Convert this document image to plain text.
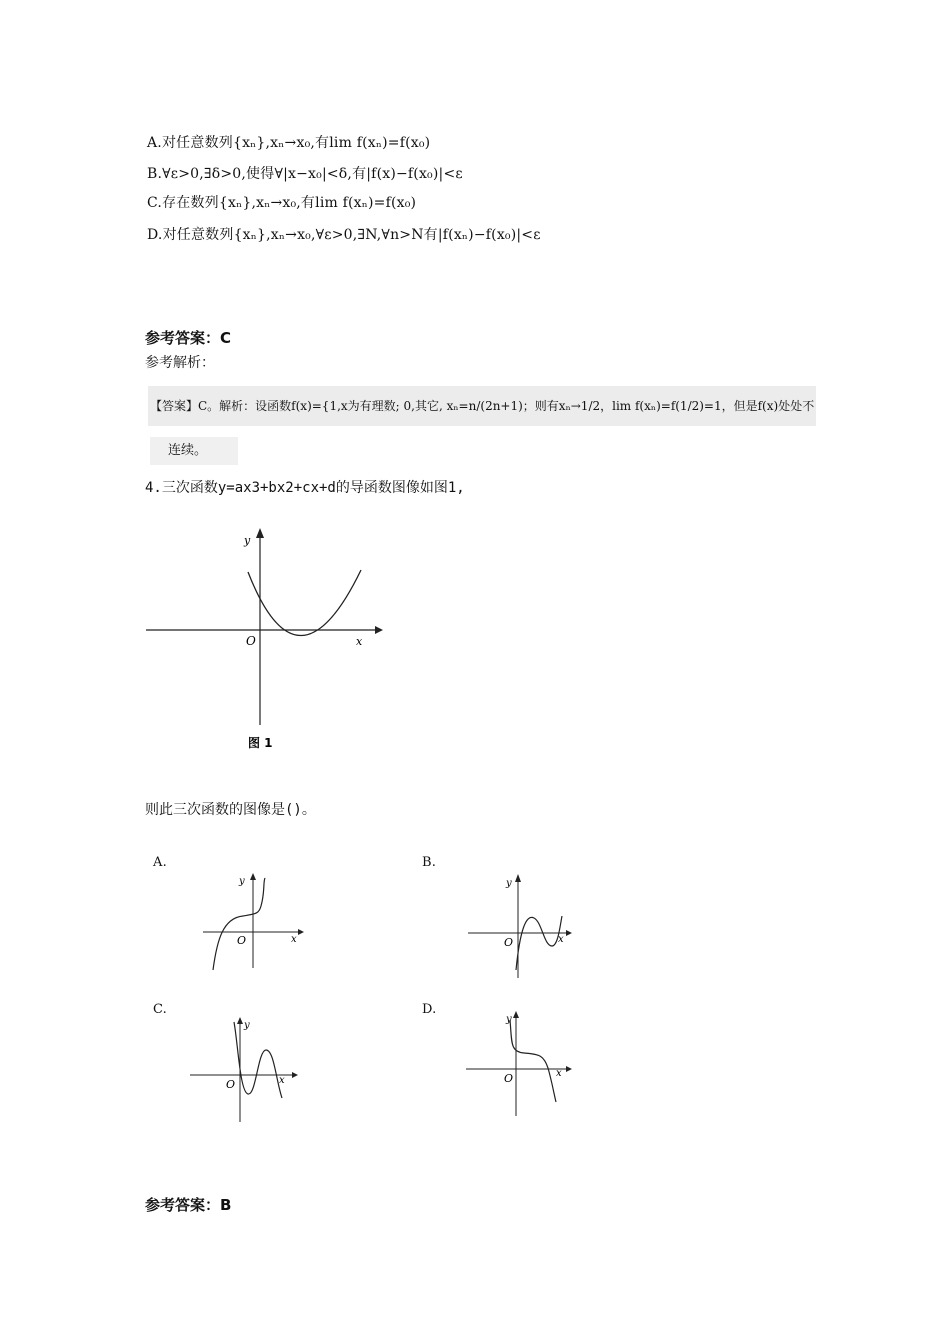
A.对任意数列{xₙ},xₙ→x₀,有lim f(xₙ)=f(x₀)
B.∀ε>0,∃δ>0,使得∀|x−x₀|<δ,有|f(x)−f(x₀)|<ε
C.存在数列{xₙ},xₙ→x₀,有lim f(xₙ)=f(x₀)
D.对任意数列{xₙ},xₙ→x₀,∀ε>0,∃N,∀n>N有|f(xₙ)−f(x₀)|<ε
参考答案：C
参考解析：
【答案】C。解析：设函数f(x)={1,x为有理数; 0,其它, xₙ=n/(2n+1)；则有xₙ→1/2，lim f(xₙ)=f(1/2)=1，但是f(x)处处不
连续。
4.三次函数y=ax3+bx2+cx+d的导函数图像如图1,
y
x
O
图 1
则此三次函数的图像是()。
A.
y
x
O
B.
y
x
O
C.
y
x
O
D.
y
x
O
参考答案：B
